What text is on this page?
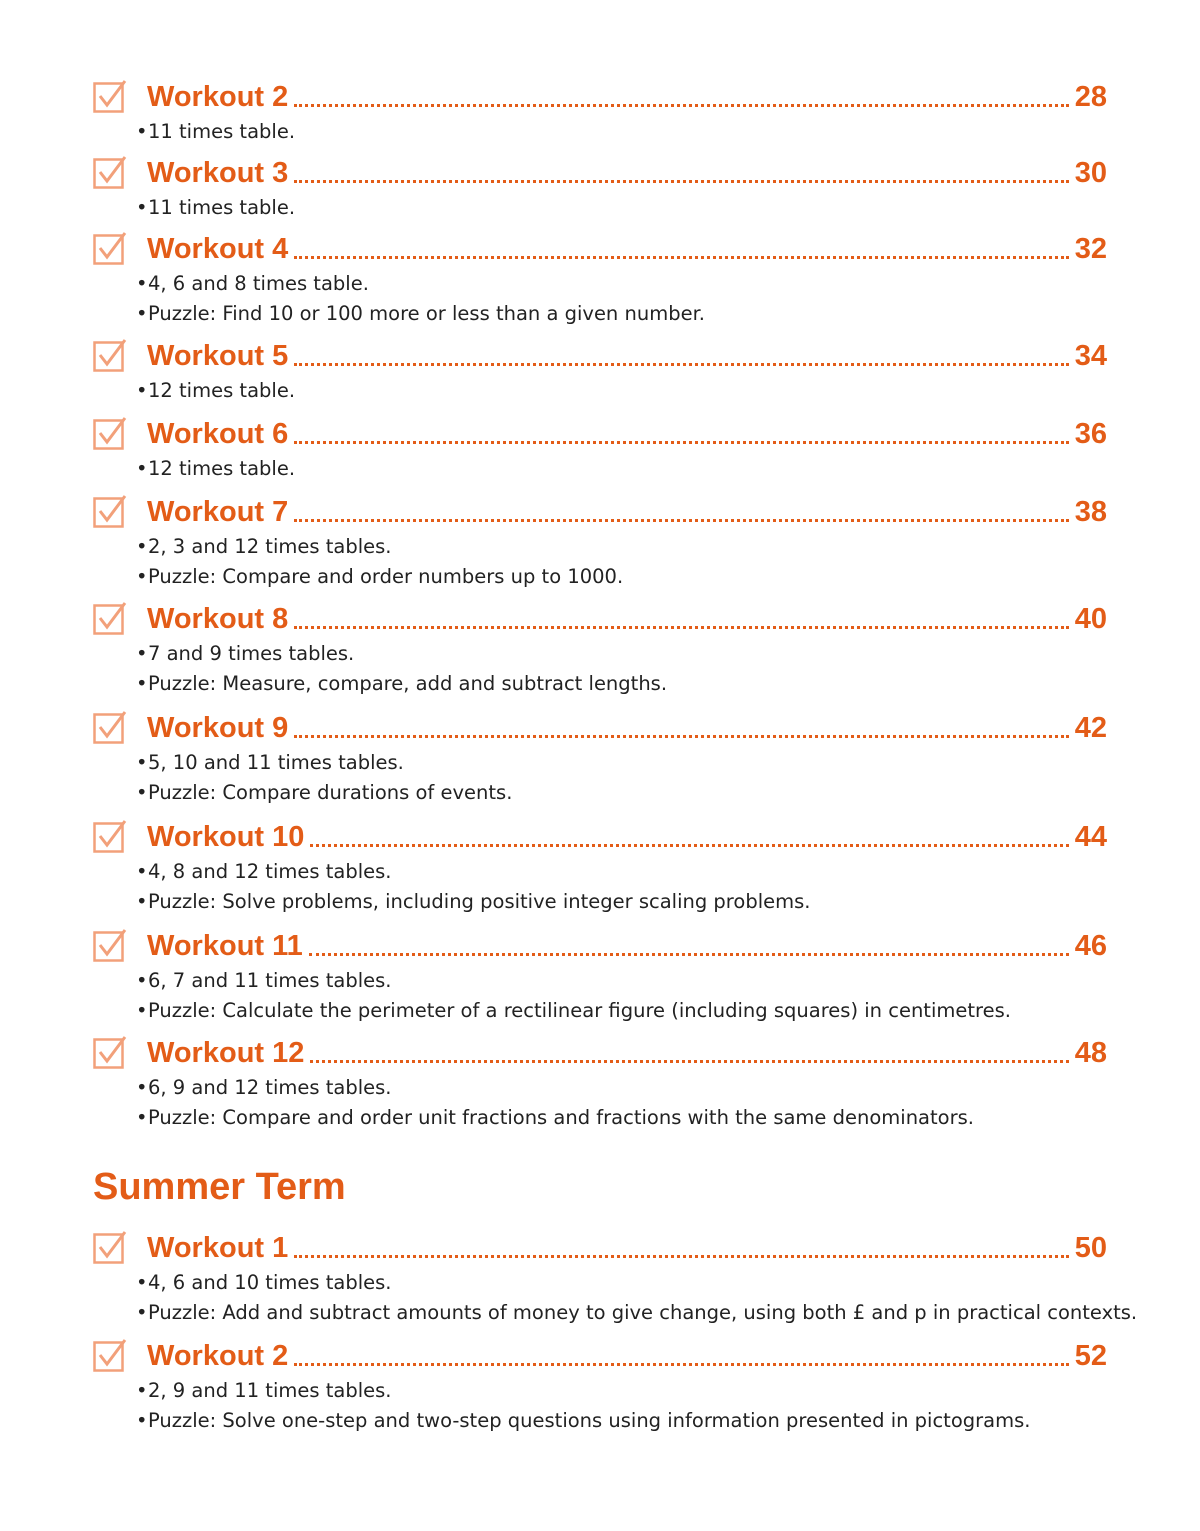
Workout 2	28
•11 times table.
Workout 3	30
•11 times table.
Workout 4	32
•4, 6 and 8 times table.
•Puzzle: Find 10 or 100 more or less than a given number.
Workout 5	34
•12 times table.
Workout 6	36
•12 times table.
Workout 7	38
•2, 3 and 12 times tables.
•Puzzle: Compare and order numbers up to 1000.
Workout 8	40
•7 and 9 times tables.
•Puzzle: Measure, compare, add and subtract lengths.
Workout 9	42
•5, 10 and 11 times tables.
•Puzzle: Compare durations of events.
Workout 10	44
•4, 8 and 12 times tables.
•Puzzle: Solve problems, including positive integer scaling problems.
Workout 11	46
•6, 7 and 11 times tables.
•Puzzle: Calculate the perimeter of a rectilinear figure (including squares) in centimetres.
Workout 12	48
•6, 9 and 12 times tables.
•Puzzle: Compare and order unit fractions and fractions with the same denominators.
Summer Term
Workout 1	50
•4, 6 and 10 times tables.
•Puzzle: Add and subtract amounts of money to give change, using both £ and p in practical contexts.
Workout 2	52
•2, 9 and 11 times tables.
•Puzzle: Solve one-step and two-step questions using information presented in pictograms.
